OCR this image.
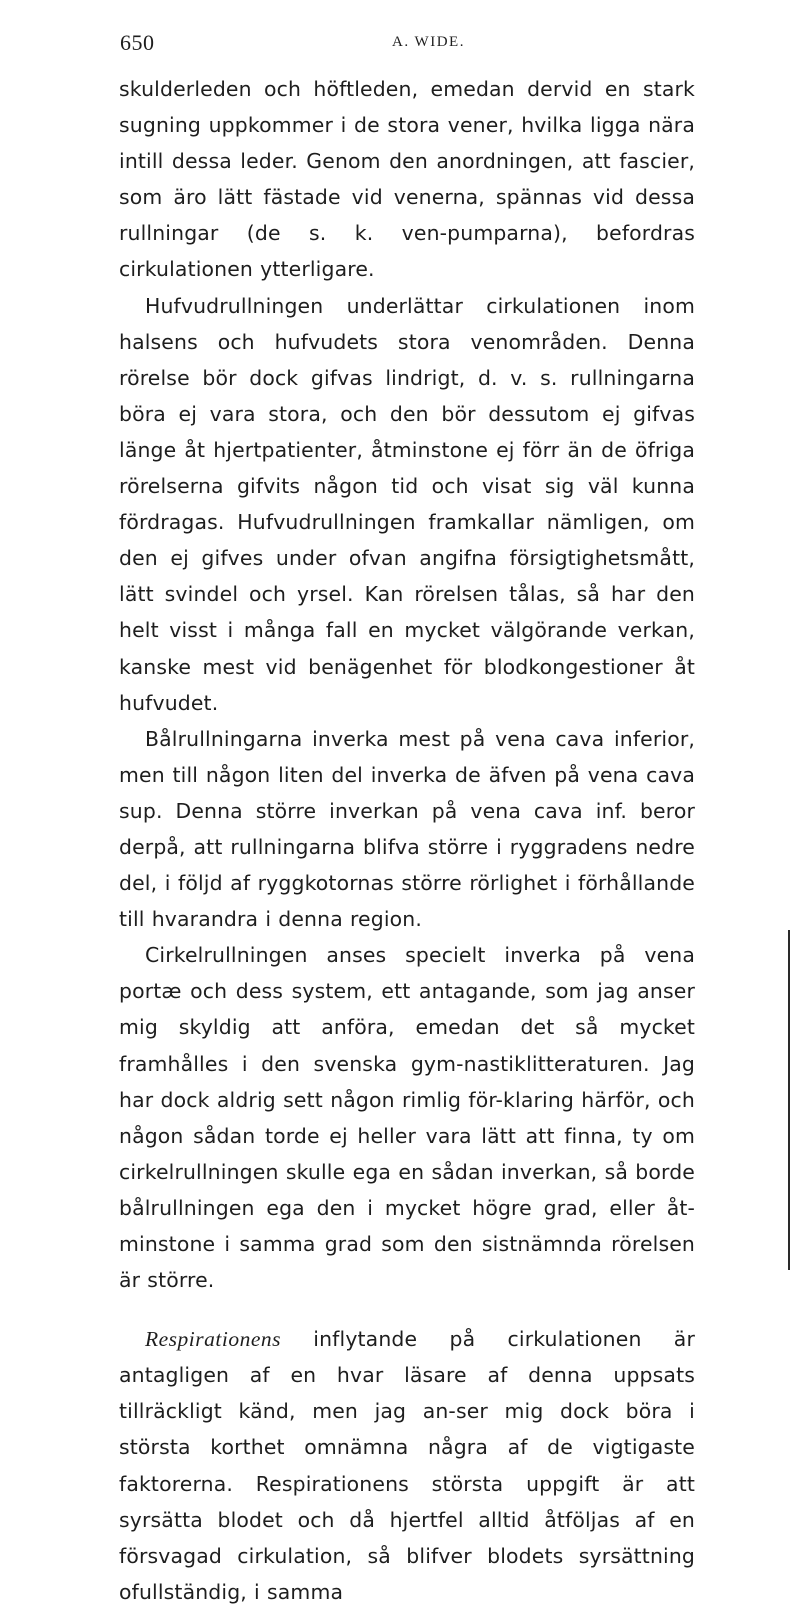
650	A. WIDE.

skulderleden och höftleden, emedan dervid en stark sugning uppkommer i de stora vener, hvilka ligga nära intill dessa leder. Genom den anordningen, att fascier, som äro lätt fästade vid venerna, spännas vid dessa rullningar (de s. k. ven-pumparna), befordras cirkulationen ytterligare.

Hufvudrullningen underlättar cirkulationen inom halsens och hufvudets stora venområden. Denna rörelse bör dock gifvas lindrigt, d. v. s. rullningarna böra ej vara stora, och den bör dessutom ej gifvas länge åt hjertpatienter, åtminstone ej förr än de öfriga rörelserna gifvits någon tid och visat sig väl kunna fördragas. Hufvudrullningen framkallar nämligen, om den ej gifves under ofvan angifna försigtighetsmått, lätt svindel och yrsel. Kan rörelsen tålas, så har den helt visst i många fall en mycket välgörande verkan, kanske mest vid benägenhet för blodkongestioner åt hufvudet.

Bålrullningarna inverka mest på vena cava inferior, men till någon liten del inverka de äfven på vena cava sup. Denna större inverkan på vena cava inf. beror derpå, att rullningarna blifva större i ryggradens nedre del, i följd af ryggkotornas större rörlighet i förhållande till hvarandra i denna region.

Cirkelrullningen anses specielt inverka på vena portæ och dess system, ett antagande, som jag anser mig skyldig att anföra, emedan det så mycket framhålles i den svenska gym-nastiklitteraturen. Jag har dock aldrig sett någon rimlig för-klaring härför, och någon sådan torde ej heller vara lätt att finna, ty om cirkelrullningen skulle ega en sådan inverkan, så borde bålrullningen ega den i mycket högre grad, eller åt-minstone i samma grad som den sistnämnda rörelsen är större.

Respirationens inflytande på cirkulationen är antagligen af en hvar läsare af denna uppsats tillräckligt känd, men jag an-ser mig dock böra i största korthet omnämna några af de vigtigaste faktorerna. Respirationens största uppgift är att syrsätta blodet och då hjertfel alltid åtföljas af en försvagad cirkulation, så blifver blodets syrsättning ofullständig, i samma
